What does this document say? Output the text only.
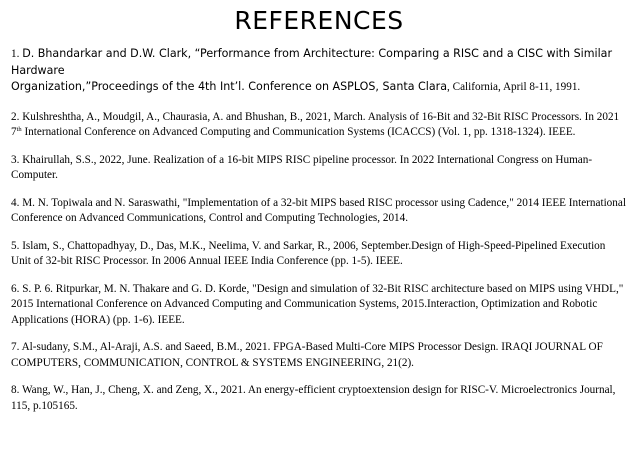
REFERENCES
1. D. Bhandarkar and D.W. Clark, “Performance from Architecture: Comparing a RISC and a CISC with Similar
Hardware
Organization,”Proceedings of the 4th Int’l. Conference on ASPLOS, Santa Clara, California, April 8-11, 1991.
2. Kulshreshtha, A., Moudgil, A., Chaurasia, A. and Bhushan, B., 2021, March. Analysis of 16-Bit and 32-Bit RISC Processors. In 2021 7th International Conference on Advanced Computing and Communication Systems (ICACCS) (Vol. 1, pp. 1318-1324). IEEE.
3. Khairullah, S.S., 2022, June. Realization of a 16-bit MIPS RISC pipeline processor. In 2022 International Congress on Human-Computer.
4. M. N. Topiwala and N. Saraswathi, "Implementation of a 32-bit MIPS based RISC processor using Cadence," 2014 IEEE International Conference on Advanced Communications, Control and Computing Technologies, 2014.
5. Islam, S., Chattopadhyay, D., Das, M.K., Neelima, V. and Sarkar, R., 2006, September.Design of High-Speed-Pipelined Execution Unit of 32-bit RISC Processor. In 2006 Annual IEEE India Conference (pp. 1-5). IEEE.
6. S. P. 6. Ritpurkar, M. N. Thakare and G. D. Korde, "Design and simulation of 32-Bit RISC architecture based on MIPS using VHDL," 2015 International Conference on Advanced Computing and Communication Systems, 2015.Interaction, Optimization and Robotic Applications (HORA) (pp. 1-6). IEEE.
7. Al-sudany, S.M., Al-Araji, A.S. and Saeed, B.M., 2021. FPGA-Based Multi-Core MIPS Processor Design. IRAQI JOURNAL OF COMPUTERS, COMMUNICATION, CONTROL & SYSTEMS ENGINEERING, 21(2).
8. Wang, W., Han, J., Cheng, X. and Zeng, X., 2021. An energy-efficient cryptoextension design for RISC-V. Microelectronics Journal, 115, p.105165.
